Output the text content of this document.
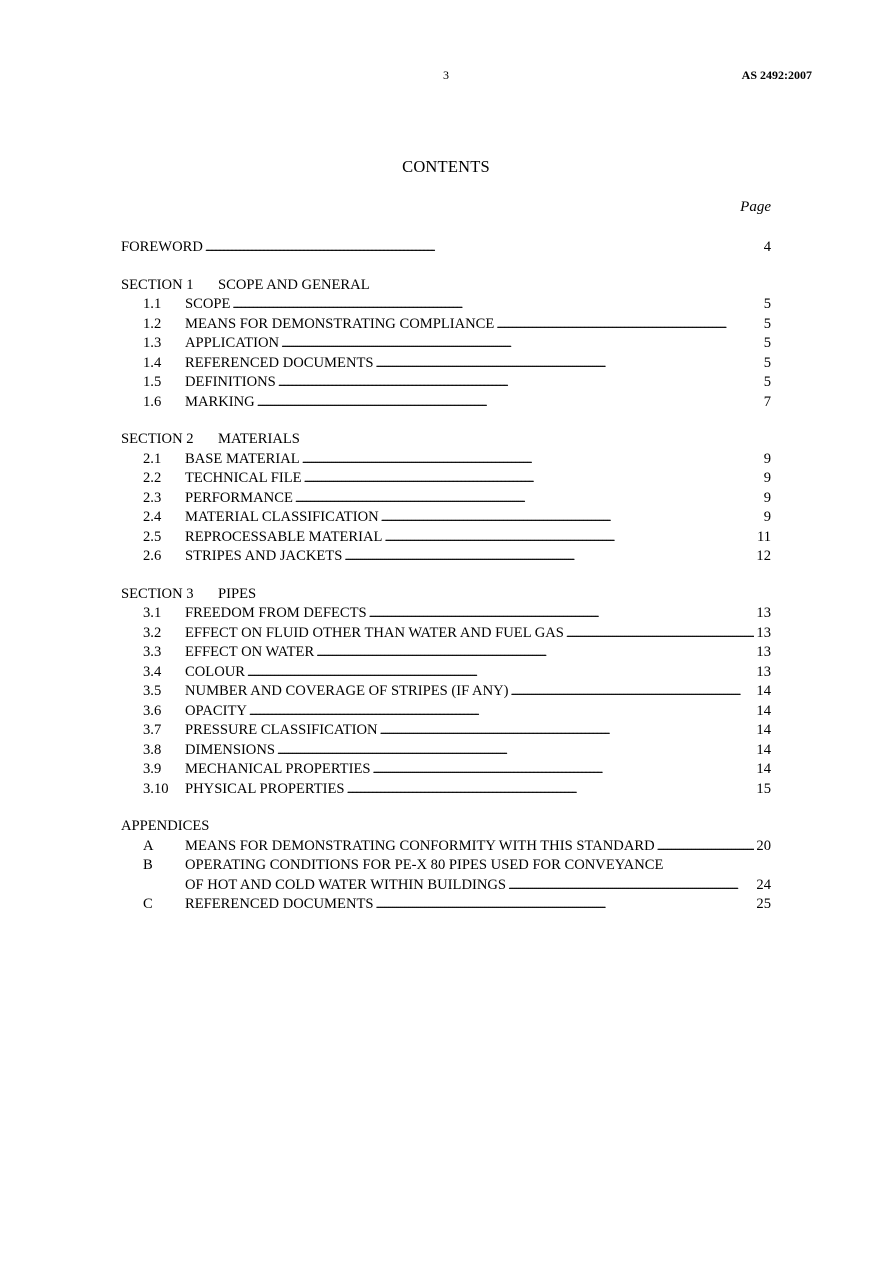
3	AS 2492:2007
CONTENTS
Page
FOREWORD . . .	4
SECTION 1 SCOPE AND GENERAL
1.1	SCOPE . . .	5
1.2	MEANS FOR DEMONSTRATING COMPLIANCE . . .	5
1.3	APPLICATION . . .	5
1.4	REFERENCED DOCUMENTS . . .	5
1.5	DEFINITIONS . . .	5
1.6	MARKING . . .	7
SECTION 2 MATERIALS
2.1	BASE MATERIAL . . .	9
2.2	TECHNICAL FILE . . .	9
2.3	PERFORMANCE . . .	9
2.4	MATERIAL CLASSIFICATION . . .	9
2.5	REPROCESSABLE MATERIAL . . .	11
2.6	STRIPES AND JACKETS . . .	12
SECTION 3 PIPES
3.1	FREEDOM FROM DEFECTS . . .	13
3.2	EFFECT ON FLUID OTHER THAN WATER AND FUEL GAS . . .	13
3.3	EFFECT ON WATER . . .	13
3.4	COLOUR . . .	13
3.5	NUMBER AND COVERAGE OF STRIPES (IF ANY) . . .	14
3.6	OPACITY . . .	14
3.7	PRESSURE CLASSIFICATION . . .	14
3.8	DIMENSIONS . . .	14
3.9	MECHANICAL PROPERTIES . . .	14
3.10	PHYSICAL PROPERTIES . . .	15
APPENDICES
A	MEANS FOR DEMONSTRATING CONFORMITY WITH THIS STANDARD . . .	20
B	OPERATING CONDITIONS FOR PE-X 80 PIPES USED FOR CONVEYANCE
OF HOT AND COLD WATER WITHIN BUILDINGS . . .	24
C	REFERENCED DOCUMENTS . . .	25
